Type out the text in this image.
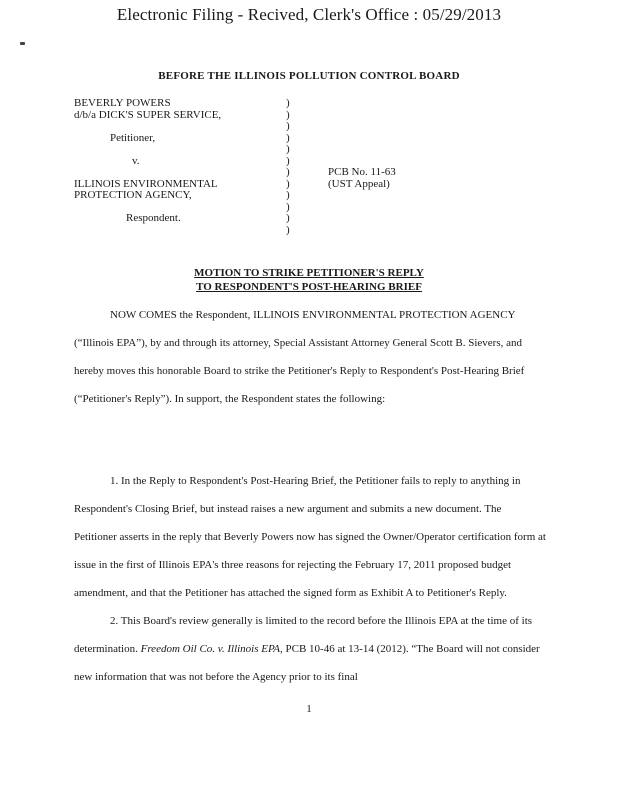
Electronic Filing - Recived, Clerk's Office : 05/29/2013
BEFORE THE ILLINOIS POLLUTION CONTROL BOARD
BEVERLY POWERS
d/b/a DICK'S SUPER SERVICE,
Petitioner,
v.
ILLINOIS ENVIRONMENTAL
PROTECTION AGENCY,
Respondent.
)
)
)
)
)
)
)
)
)
)
)
)
PCB No. 11-63
(UST Appeal)
MOTION TO STRIKE PETITIONER'S REPLY
TO RESPONDENT'S POST-HEARING BRIEF
NOW COMES the Respondent, ILLINOIS ENVIRONMENTAL PROTECTION AGENCY (“Illinois EPA”), by and through its attorney, Special Assistant Attorney General Scott B. Sievers, and hereby moves this honorable Board to strike the Petitioner's Reply to Respondent's Post-Hearing Brief (“Petitioner's Reply”). In support, the Respondent states the following:
1. In the Reply to Respondent's Post-Hearing Brief, the Petitioner fails to reply to anything in Respondent's Closing Brief, but instead raises a new argument and submits a new document. The Petitioner asserts in the reply that Beverly Powers now has signed the Owner/Operator certification form at issue in the first of Illinois EPA's three reasons for rejecting the February 17, 2011 proposed budget amendment, and that the Petitioner has attached the signed form as Exhibit A to Petitioner's Reply.
2. This Board's review generally is limited to the record before the Illinois EPA at the time of its determination. Freedom Oil Co. v. Illinois EPA, PCB 10-46 at 13-14 (2012). “The Board will not consider new information that was not before the Agency prior to its final
1
